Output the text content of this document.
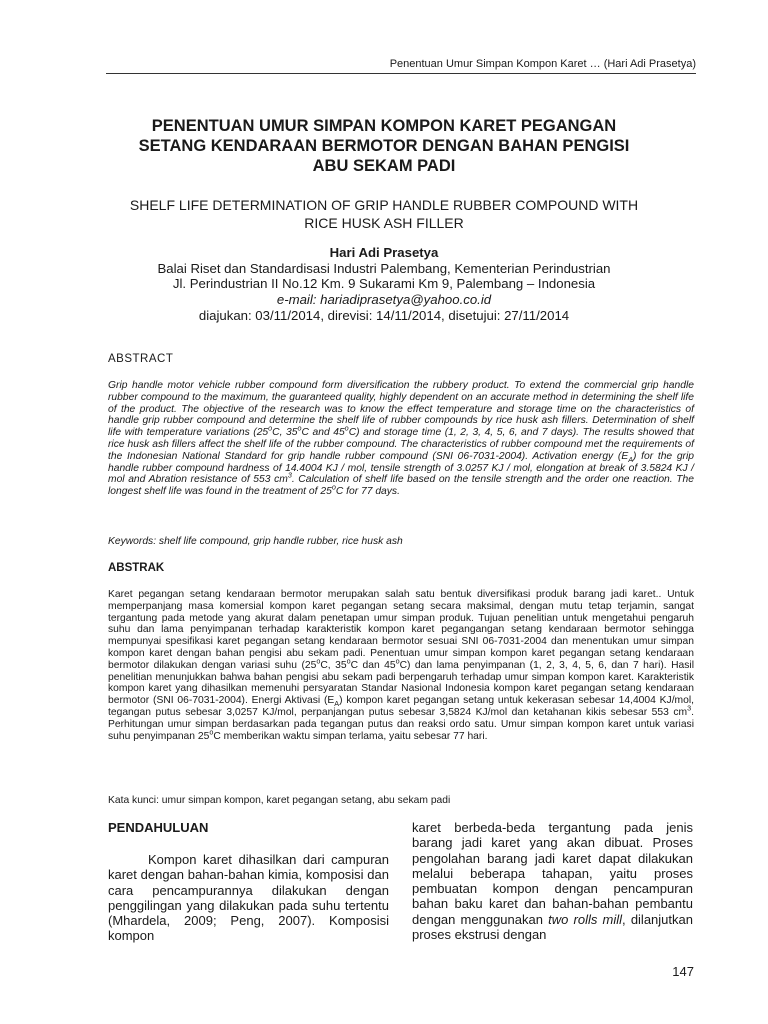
Penentuan Umur Simpan Kompon Karet … (Hari Adi Prasetya)
PENENTUAN UMUR SIMPAN KOMPON KARET PEGANGAN
SETANG KENDARAAN BERMOTOR DENGAN BAHAN PENGISI
ABU SEKAM PADI
SHELF LIFE DETERMINATION OF GRIP HANDLE RUBBER COMPOUND WITH
RICE HUSK ASH FILLER
Hari Adi Prasetya
Balai Riset dan Standardisasi Industri Palembang, Kementerian Perindustrian
Jl. Perindustrian II No.12 Km. 9 Sukarami Km 9, Palembang – Indonesia
e-mail: hariadiprasetya@yahoo.co.id
diajukan: 03/11/2014, direvisi: 14/11/2014, disetujui: 27/11/2014
ABSTRACT
Grip handle motor vehicle rubber compound form diversification the rubbery product. To extend the commercial grip handle rubber compound to the maximum, the guaranteed quality, highly dependent on an accurate method in determining the shelf life of the product. The objective of the research was to know the effect temperature and storage time on the characteristics of handle grip rubber compound and determine the shelf life of rubber compounds by rice husk ash fillers. Determination of shelf life with temperature variations (25$^o$C, 35$^o$C and 45$^o$C) and storage time (1, 2, 3, 4, 5, 6, and 7 days). The results showed that rice husk ash fillers affect the shelf life of the rubber compound. The characteristics of rubber compound met the requirements of the Indonesian National Standard for grip handle rubber compound (SNI 06-7031-2004). Activation energy $(E_A)$ for the grip handle rubber compound hardness of 14.4004 KJ / mol, tensile strength of 3.0257 KJ / mol, elongation at break of 3.5824 KJ / mol and Abration resistance of 553 $cm^3$. Calculation of shelf life based on the tensile strength and the order one reaction. The longest shelf life was found in the treatment of 25$^o$C for 77 days.
Keywords: shelf life compound, grip handle rubber, rice husk ash
ABSTRAK
Karet pegangan setang kendaraan bermotor merupakan salah satu bentuk diversifikasi produk barang jadi karet.. Untuk memperpanjang masa komersial kompon karet pegangan setang secara maksimal, dengan mutu tetap terjamin, sangat tergantung pada metode yang akurat dalam penetapan umur simpan produk. Tujuan penelitian untuk mengetahui pengaruh suhu dan lama penyimpanan terhadap karakteristik kompon karet pegangangan setang kendaraan bermotor sehingga mempunyai spesifikasi karet pegangan setang kendaraan bermotor sesuai SNI 06-7031-2004 dan menentukan umur simpan kompon karet dengan bahan pengisi abu sekam padi. Penentuan umur simpan kompon karet pegangan setang kendaraan bermotor dilakukan dengan variasi suhu (25$^o$C, 35$^o$C dan 45$^o$C) dan lama penyimpanan (1, 2, 3, 4, 5, 6, dan 7 hari). Hasil penelitian menunjukkan bahwa bahan pengisi abu sekam padi berpengaruh terhadap umur simpan kompon karet. Karakteristik kompon karet yang dihasilkan memenuhi persyaratan Standar Nasional Indonesia kompon karet pegangan setang kendaraan bermotor (SNI 06-7031-2004). Energi Aktivasi $(E_A)$ kompon karet pegangan setang untuk kekerasan sebesar 14,4004 KJ/mol, tegangan putus sebesar 3,0257 KJ/mol, perpanjangan putus sebesar 3,5824 KJ/mol dan ketahanan kikis sebesar 553 $cm^3$. Perhitungan umur simpan berdasarkan pada tegangan putus dan reaksi ordo satu. Umur simpan kompon karet untuk variasi suhu penyimpanan 25$^o$C memberikan waktu simpan terlama, yaitu sebesar 77 hari.
Kata kunci: umur simpan kompon, karet pegangan setang, abu sekam padi
PENDAHULUAN

Kompon karet dihasilkan dari campuran karet dengan bahan-bahan kimia, komposisi dan cara pencampurannya dilakukan dengan penggilingan yang dilakukan pada suhu tertentu (Mhardela, 2009; Peng, 2007). Komposisi kompon

karet berbeda-beda tergantung pada jenis barang jadi karet yang akan dibuat. Proses pengolahan barang jadi karet dapat dilakukan melalui beberapa tahapan, yaitu proses pembuatan kompon dengan pencampuran bahan baku karet dan bahan-bahan pembantu dengan menggunakan two rolls mill, dilanjutkan proses ekstrusi dengan

147
